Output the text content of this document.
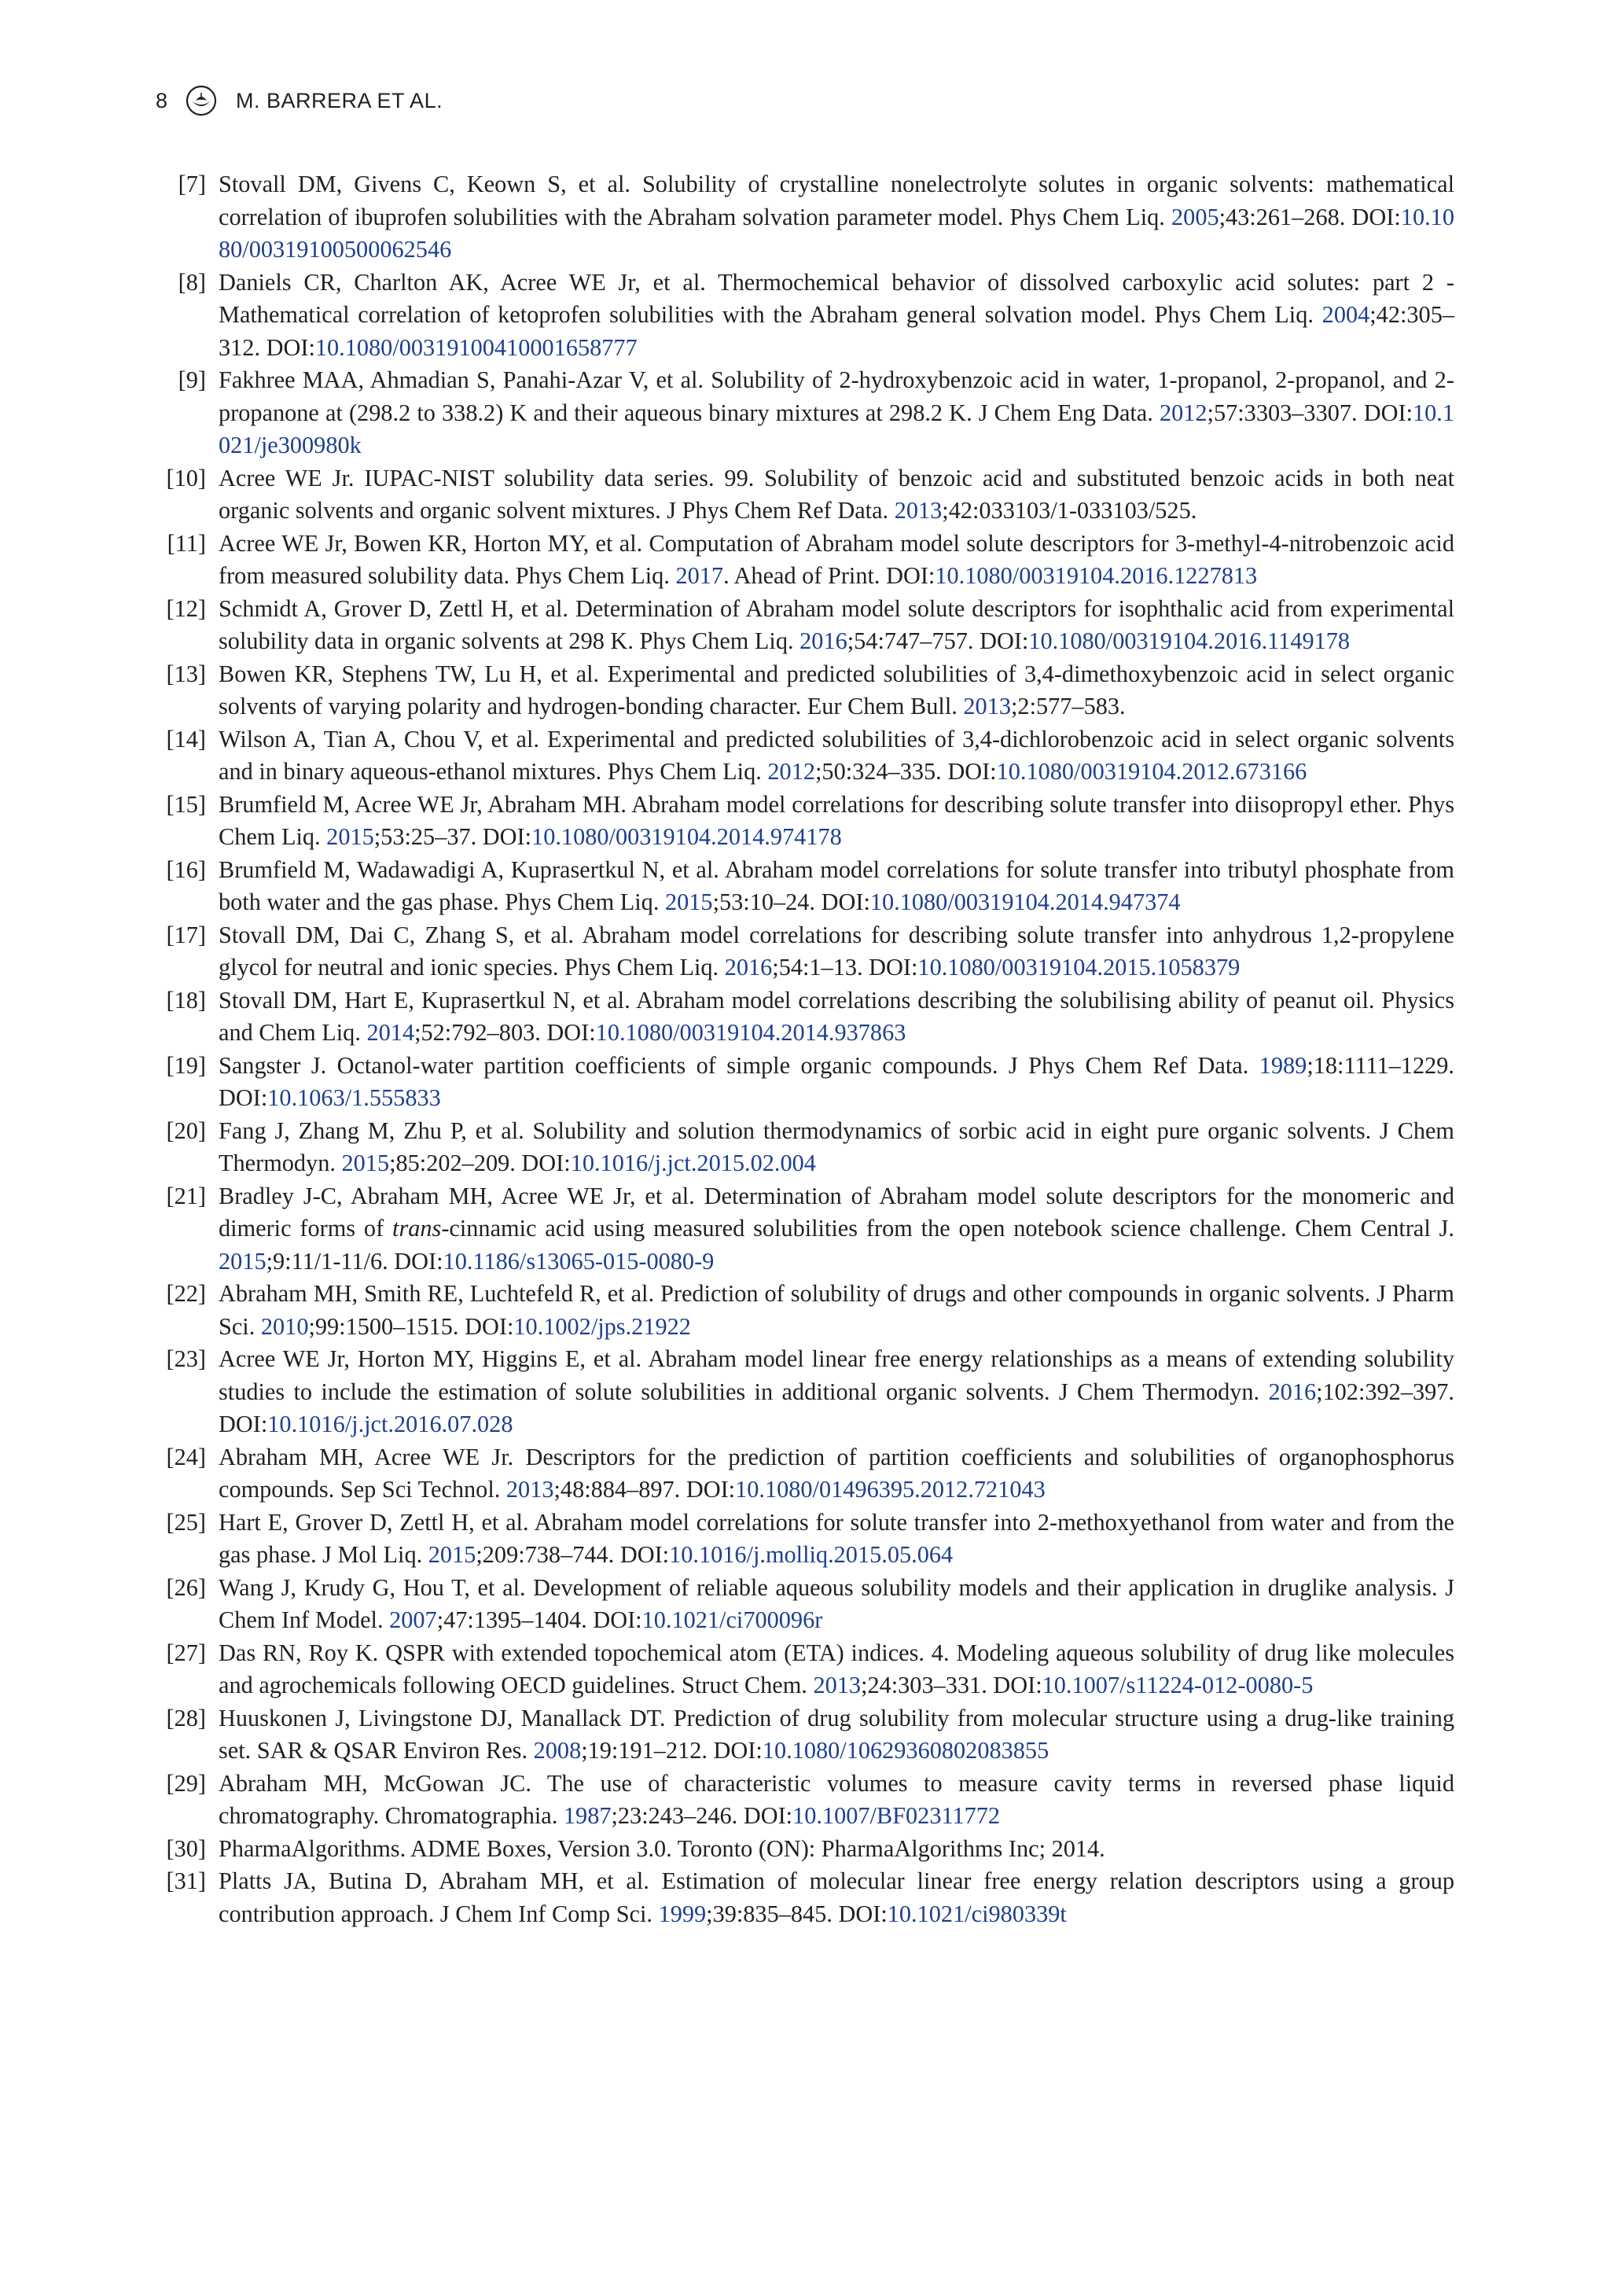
8	M. BARRERA ET AL.
[7] Stovall DM, Givens C, Keown S, et al. Solubility of crystalline nonelectrolyte solutes in organic solvents: mathematical correlation of ibuprofen solubilities with the Abraham solvation parameter model. Phys Chem Liq. 2005;43:261–268. DOI:10.1080/00319100500062546
[8] Daniels CR, Charlton AK, Acree WE Jr, et al. Thermochemical behavior of dissolved carboxylic acid solutes: part 2 - Mathematical correlation of ketoprofen solubilities with the Abraham general solvation model. Phys Chem Liq. 2004;42:305–312. DOI:10.1080/00319100410001658777
[9] Fakhree MAA, Ahmadian S, Panahi-Azar V, et al. Solubility of 2-hydroxybenzoic acid in water, 1-propanol, 2-propanol, and 2-propanone at (298.2 to 338.2) K and their aqueous binary mixtures at 298.2 K. J Chem Eng Data. 2012;57:3303–3307. DOI:10.1021/je300980k
[10] Acree WE Jr. IUPAC-NIST solubility data series. 99. Solubility of benzoic acid and substituted benzoic acids in both neat organic solvents and organic solvent mixtures. J Phys Chem Ref Data. 2013;42:033103/1-033103/525.
[11] Acree WE Jr, Bowen KR, Horton MY, et al. Computation of Abraham model solute descriptors for 3-methyl-4-nitrobenzoic acid from measured solubility data. Phys Chem Liq. 2017. Ahead of Print. DOI:10.1080/00319104.2016.1227813
[12] Schmidt A, Grover D, Zettl H, et al. Determination of Abraham model solute descriptors for isophthalic acid from experimental solubility data in organic solvents at 298 K. Phys Chem Liq. 2016;54:747–757. DOI:10.1080/00319104.2016.1149178
[13] Bowen KR, Stephens TW, Lu H, et al. Experimental and predicted solubilities of 3,4-dimethoxybenzoic acid in select organic solvents of varying polarity and hydrogen-bonding character. Eur Chem Bull. 2013;2:577–583.
[14] Wilson A, Tian A, Chou V, et al. Experimental and predicted solubilities of 3,4-dichlorobenzoic acid in select organic solvents and in binary aqueous-ethanol mixtures. Phys Chem Liq. 2012;50:324–335. DOI:10.1080/00319104.2012.673166
[15] Brumfield M, Acree WE Jr, Abraham MH. Abraham model correlations for describing solute transfer into diisopropyl ether. Phys Chem Liq. 2015;53:25–37. DOI:10.1080/00319104.2014.974178
[16] Brumfield M, Wadawadigi A, Kuprasertkul N, et al. Abraham model correlations for solute transfer into tributyl phosphate from both water and the gas phase. Phys Chem Liq. 2015;53:10–24. DOI:10.1080/00319104.2014.947374
[17] Stovall DM, Dai C, Zhang S, et al. Abraham model correlations for describing solute transfer into anhydrous 1,2-propylene glycol for neutral and ionic species. Phys Chem Liq. 2016;54:1–13. DOI:10.1080/00319104.2015.1058379
[18] Stovall DM, Hart E, Kuprasertkul N, et al. Abraham model correlations describing the solubilising ability of peanut oil. Physics and Chem Liq. 2014;52:792–803. DOI:10.1080/00319104.2014.937863
[19] Sangster J. Octanol-water partition coefficients of simple organic compounds. J Phys Chem Ref Data. 1989;18:1111–1229. DOI:10.1063/1.555833
[20] Fang J, Zhang M, Zhu P, et al. Solubility and solution thermodynamics of sorbic acid in eight pure organic solvents. J Chem Thermodyn. 2015;85:202–209. DOI:10.1016/j.jct.2015.02.004
[21] Bradley J-C, Abraham MH, Acree WE Jr, et al. Determination of Abraham model solute descriptors for the monomeric and dimeric forms of trans-cinnamic acid using measured solubilities from the open notebook science challenge. Chem Central J. 2015;9:11/1-11/6. DOI:10.1186/s13065-015-0080-9
[22] Abraham MH, Smith RE, Luchtefeld R, et al. Prediction of solubility of drugs and other compounds in organic solvents. J Pharm Sci. 2010;99:1500–1515. DOI:10.1002/jps.21922
[23] Acree WE Jr, Horton MY, Higgins E, et al. Abraham model linear free energy relationships as a means of extending solubility studies to include the estimation of solute solubilities in additional organic solvents. J Chem Thermodyn. 2016;102:392–397. DOI:10.1016/j.jct.2016.07.028
[24] Abraham MH, Acree WE Jr. Descriptors for the prediction of partition coefficients and solubilities of organophosphorus compounds. Sep Sci Technol. 2013;48:884–897. DOI:10.1080/01496395.2012.721043
[25] Hart E, Grover D, Zettl H, et al. Abraham model correlations for solute transfer into 2-methoxyethanol from water and from the gas phase. J Mol Liq. 2015;209:738–744. DOI:10.1016/j.molliq.2015.05.064
[26] Wang J, Krudy G, Hou T, et al. Development of reliable aqueous solubility models and their application in druglike analysis. J Chem Inf Model. 2007;47:1395–1404. DOI:10.1021/ci700096r
[27] Das RN, Roy K. QSPR with extended topochemical atom (ETA) indices. 4. Modeling aqueous solubility of drug like molecules and agrochemicals following OECD guidelines. Struct Chem. 2013;24:303–331. DOI:10.1007/s11224-012-0080-5
[28] Huuskonen J, Livingstone DJ, Manallack DT. Prediction of drug solubility from molecular structure using a drug-like training set. SAR & QSAR Environ Res. 2008;19:191–212. DOI:10.1080/10629360802083855
[29] Abraham MH, McGowan JC. The use of characteristic volumes to measure cavity terms in reversed phase liquid chromatography. Chromatographia. 1987;23:243–246. DOI:10.1007/BF02311772
[30] PharmaAlgorithms. ADME Boxes, Version 3.0. Toronto (ON): PharmaAlgorithms Inc; 2014.
[31] Platts JA, Butina D, Abraham MH, et al. Estimation of molecular linear free energy relation descriptors using a group contribution approach. J Chem Inf Comp Sci. 1999;39:835–845. DOI:10.1021/ci980339t
